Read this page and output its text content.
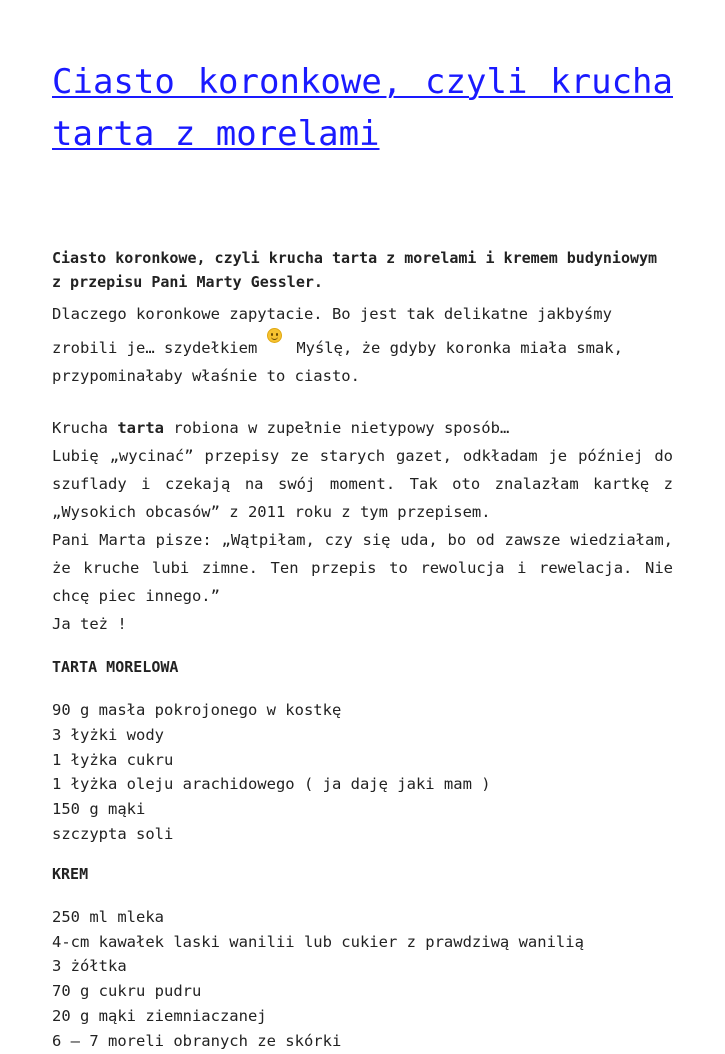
Ciasto koronkowe, czyli krucha tarta z morelami

Ciasto koronkowe, czyli krucha tarta z morelami i kremem budyniowym z przepisu Pani Marty Gessler.

Dlaczego koronkowe zapytacie. Bo jest tak delikatne jakbyśmy
zrobili je… szydełkiem	Myślę, że gdyby koronka miała smak,
przypominałaby właśnie to ciasto.

Krucha tarta robiona w zupełnie nietypowy sposób…
Lubię „wycinać” przepisy ze starych gazet, odkładam je później do szuflady i czekają na swój moment. Tak oto znalazłam kartkę z „Wysokich obcasów” z 2011 roku z tym przepisem.
Pani Marta pisze: „Wątpiłam, czy się uda, bo od zawsze wiedziałam, że kruche lubi zimne. Ten przepis to rewolucja i rewelacja. Nie chcę piec innego.”
Ja też !

TARTA MORELOWA

90 g masła pokrojonego w kostkę
3 łyżki wody
1 łyżka cukru
1 łyżka oleju arachidowego ( ja daję jaki mam )
150 g mąki
szczypta soli

KREM

250 ml mleka
4-cm kawałek laski wanilii lub cukier z prawdziwą wanilią
3 żółtka
70 g cukru pudru
20 g mąki ziemniaczanej
6 – 7 moreli obranych ze skórki
